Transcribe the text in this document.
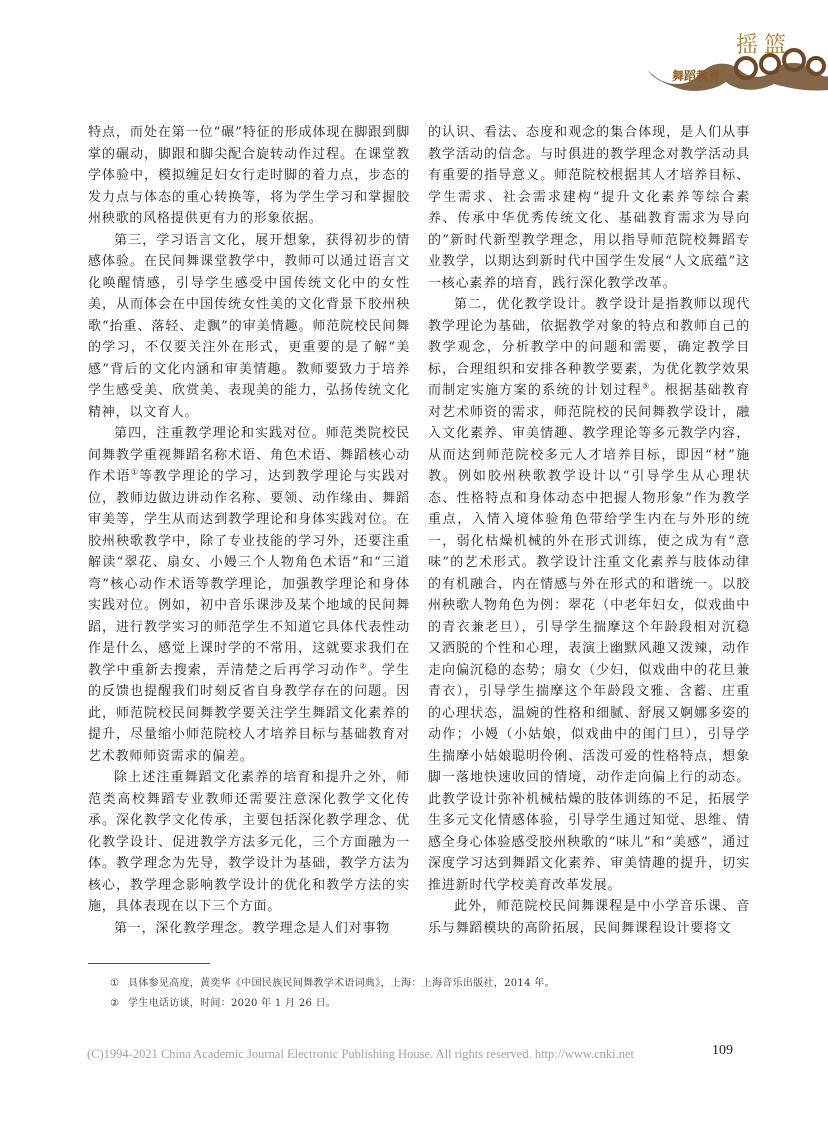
摇篮
舞蹈教育

特点，而处在第一位“碾”特征的形成体现在脚跟到脚掌的碾动，脚跟和脚尖配合旋转动作过程。在课堂教学体验中，模拟缠足妇女行走时脚的着力点，步态的发力点与体态的重心转换等，将为学生学习和掌握胶州秧歌的风格提供更有力的形象依据。

第三，学习语言文化，展开想象，获得初步的情感体验。在民间舞课堂教学中，教师可以通过语言文化唤醒情感，引导学生感受中国传统文化中的女性美，从而体会在中国传统女性美的文化背景下胶州秧歌“抬重、落轻、走飘”的审美情趣。师范院校民间舞的学习，不仅要关注外在形式，更重要的是了解“美感”背后的文化内涵和审美情趣。教师要致力于培养学生感受美、欣赏美、表现美的能力，弘扬传统文化精神，以文育人。

第四，注重教学理论和实践对位。师范类院校民间舞教学重视舞蹈名称术语、角色术语、舞蹈核心动作术语①等教学理论的学习，达到教学理论与实践对位，教师边做边讲动作名称、要领、动作缘由、舞蹈审美等，学生从而达到教学理论和身体实践对位。在胶州秧歌教学中，除了专业技能的学习外，还要注重解读“翠花、扇女、小嫚三个人物角色术语”和“三道弯”核心动作术语等教学理论，加强教学理论和身体实践对位。例如，初中音乐课涉及某个地域的民间舞蹈，进行教学实习的师范学生不知道它具体代表性动作是什么，感觉上课时学的不常用，这就要求我们在教学中重新去搜索，弄清楚之后再学习动作②。学生的反馈也提醒我们时刻反省自身教学存在的问题。因此，师范院校民间舞教学要关注学生舞蹈文化素养的提升，尽量缩小师范院校人才培养目标与基础教育对艺术教师师资需求的偏差。

除上述注重舞蹈文化素养的培育和提升之外，师范类高校舞蹈专业教师还需要注意深化教学文化传承。深化教学文化传承，主要包括深化教学理念、优化教学设计、促进教学方法多元化，三个方面融为一体。教学理念为先导，教学设计为基础，教学方法为核心，教学理念影响教学设计的优化和教学方法的实施，具体表现在以下三个方面。

第一，深化教学理念。教学理念是人们对事物

的认识、看法、态度和观念的集合体现，是人们从事教学活动的信念。与时俱进的教学理念对教学活动具有重要的指导意义。师范院校根据其人才培养目标、学生需求、社会需求建构“提升文化素养等综合素养、传承中华优秀传统文化、基础教育需求为导向的”新时代新型教学理念，用以指导师范院校舞蹈专业教学，以期达到新时代中国学生发展“人文底蕴”这一核心素养的培育，践行深化教学改革。

第二，优化教学设计。教学设计是指教师以现代教学理论为基础，依据教学对象的特点和教师自己的教学观念，分析教学中的问题和需要，确定教学目标，合理组织和安排各种教学要素，为优化教学效果而制定实施方案的系统的计划过程⑤。根据基础教育对艺术师资的需求，师范院校的民间舞教学设计，融入文化素养、审美情趣、教学理论等多元教学内容，从而达到师范院校多元人才培养目标，即因“材”施教。例如胶州秧歌教学设计以“引导学生从心理状态、性格特点和身体动态中把握人物形象”作为教学重点，入情入境体验角色带给学生内在与外形的统一，弱化枯燥机械的外在形式训练，使之成为有“意味”的艺术形式。教学设计注重文化素养与肢体动律的有机融合，内在情感与外在形式的和谐统一。以胶州秧歌人物角色为例：翠花（中老年妇女，似戏曲中的青衣兼老旦），引导学生揣摩这个年龄段相对沉稳又洒脱的个性和心理，表演上幽默风趣又泼辣，动作走向偏沉稳的态势；扇女（少妇，似戏曲中的花旦兼青衣），引导学生揣摩这个年龄段文雅、含蓄、庄重的心理状态，温婉的性格和细腻、舒展又婀娜多姿的动作；小嫚（小姑娘，似戏曲中的闺门旦），引导学生揣摩小姑娘聪明伶俐、活泼可爱的性格特点，想象脚一落地快速收回的情境，动作走向偏上行的动态。此教学设计弥补机械枯燥的肢体训练的不足，拓展学生多元文化情感体验，引导学生通过知觉、思维、情感全身心体验感受胶州秧歌的“味儿”和“美感”，通过深度学习达到舞蹈文化素养、审美情趣的提升，切实推进新时代学校美育改革发展。

此外，师范院校民间舞课程是中小学音乐课、音乐与舞蹈模块的高阶拓展，民间舞课程设计要将文

① 具体参见高度，黄奕华《中国民族民间舞教学术语词典》，上海：上海音乐出版社，2014 年。
② 学生电话访谈，时间：2020 年 1 月 26 日。
(C)1994-2021 China Academic Journal Electronic Publishing House. All rights reserved. http://www.cnki.net	109
